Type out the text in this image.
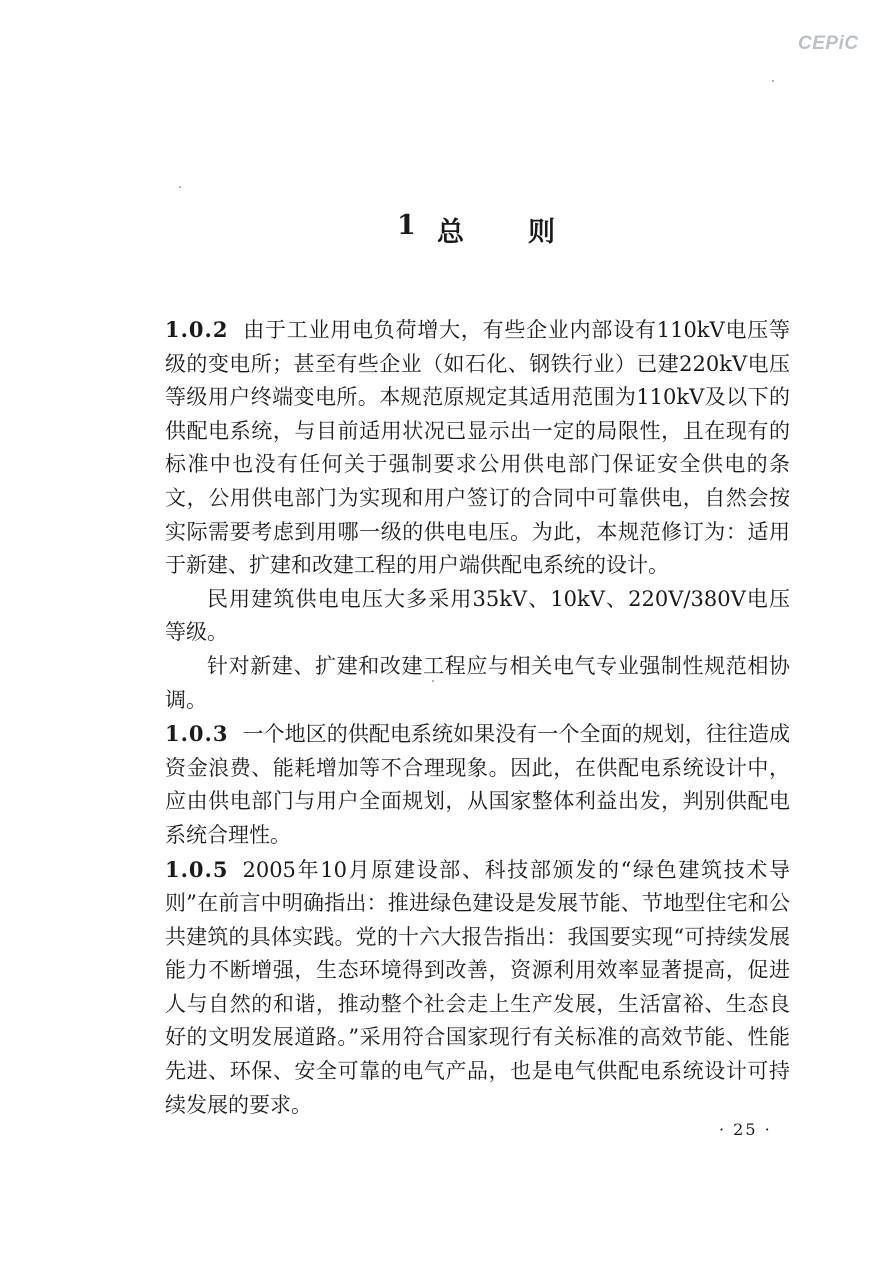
CEPiC
1 总 则

1.0.2 由于工业用电负荷增大，有些企业内部设有110kV电压等级的变电所；甚至有些企业（如石化、钢铁行业）已建220kV电压等级用户终端变电所。本规范原规定其适用范围为110kV及以下的供配电系统，与目前适用状况已显示出一定的局限性，且在现有的标准中也没有任何关于强制要求公用供电部门保证安全供电的条文，公用供电部门为实现和用户签订的合同中可靠供电，自然会按实际需要考虑到用哪一级的供电电压。为此，本规范修订为：适用于新建、扩建和改建工程的用户端供配电系统的设计。

民用建筑供电电压大多采用35kV、10kV、220V/380V电压等级。

针对新建、扩建和改建工程应与相关电气专业强制性规范相协调。

1.0.3 一个地区的供配电系统如果没有一个全面的规划，往往造成资金浪费、能耗增加等不合理现象。因此，在供配电系统设计中，应由供电部门与用户全面规划，从国家整体利益出发，判别供配电系统合理性。

1.0.5 2005年10月原建设部、科技部颁发的“绿色建筑技术导则”在前言中明确指出：推进绿色建设是发展节能、节地型住宅和公共建筑的具体实践。党的十六大报告指出：我国要实现“可持续发展能力不断增强，生态环境得到改善，资源利用效率显著提高，促进人与自然的和谐，推动整个社会走上生产发展，生活富裕、生态良好的文明发展道路。”采用符合国家现行有关标准的高效节能、性能先进、环保、安全可靠的电气产品，也是电气供配电系统设计可持续发展的要求。

· 25 ·
